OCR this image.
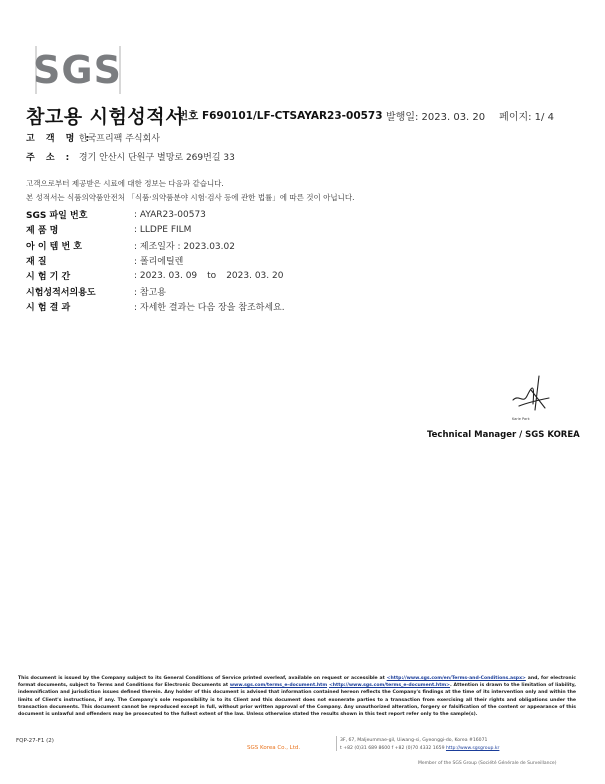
SGS
참고용 시험성적서
번호 F690101/LF-CTSAYAR23-00573 발행일: 2023. 03. 20 페이지: 1/ 4
고 객 명 : 한국프리팩 주식회사
주 소 : 경기 안산시 단원구 별망로 269번길 33
고객으로부터 제공받은 시료에 대한 정보는 다음과 같습니다.
본 성적서는 식품의약품안전처 「식품·의약품분야 시험·검사 등에 관한 법률」에 따른 것이 아닙니다.
SGS 파일 번호	: AYAR23-00573
제 품 명	: LLDPE FILM
아 이 템 번 호	: 제조일자 : 2023.03.02
재 질	: 폴리에틸렌
시 험 기 간	: 2023. 03. 09 to 2023. 03. 20
시험성적서의용도	: 참고용
시 험 결 과	: 자세한 결과는 다음 장을 참조하세요.
Karie Park
Technical Manager / SGS KOREA
This document is issued by the Company subject to its General Conditions of Service printed overleaf, available on request or accessible at <http://www.sgs.com/en/Terms-and-Conditions.aspx> and, for electronic format documents, subject to Terms and Conditions for Electronic Documents at www.sgs.com/terms_e-document.htm <http://www.sgs.com/terms_e-document.htm>. Attention is drawn to the limitation of liability, indemnification and jurisdiction issues defined therein. Any holder of this document is advised that information contained hereon reflects the Company's findings at the time of its intervention only and within the limits of Client's instructions, if any. The Company's sole responsibility is to its Client and this document does not exonerate parties to a transaction from exercising all their rights and obligations under the transaction documents. This document cannot be reproduced except in full, without prior written approval of the Company. Any unauthorized alteration, forgery or falsification of the content or appearance of this document is unlawful and offenders may be prosecuted to the fullest extent of the law. Unless otherwise stated the results shown in this test report refer only to the sample(s).
FQP-27-F1 (2)
SGS Korea Co., Ltd.
3F, 67, Maljeummae-gil, Uiwang-si, Gyeonggi-do, Korea #16071
t +82 (0)31 689 8600 f +82 (0)70 4332 1659 http://www.sgsgroup.kr
Member of the SGS Group (Société Générale de Surveillance)
